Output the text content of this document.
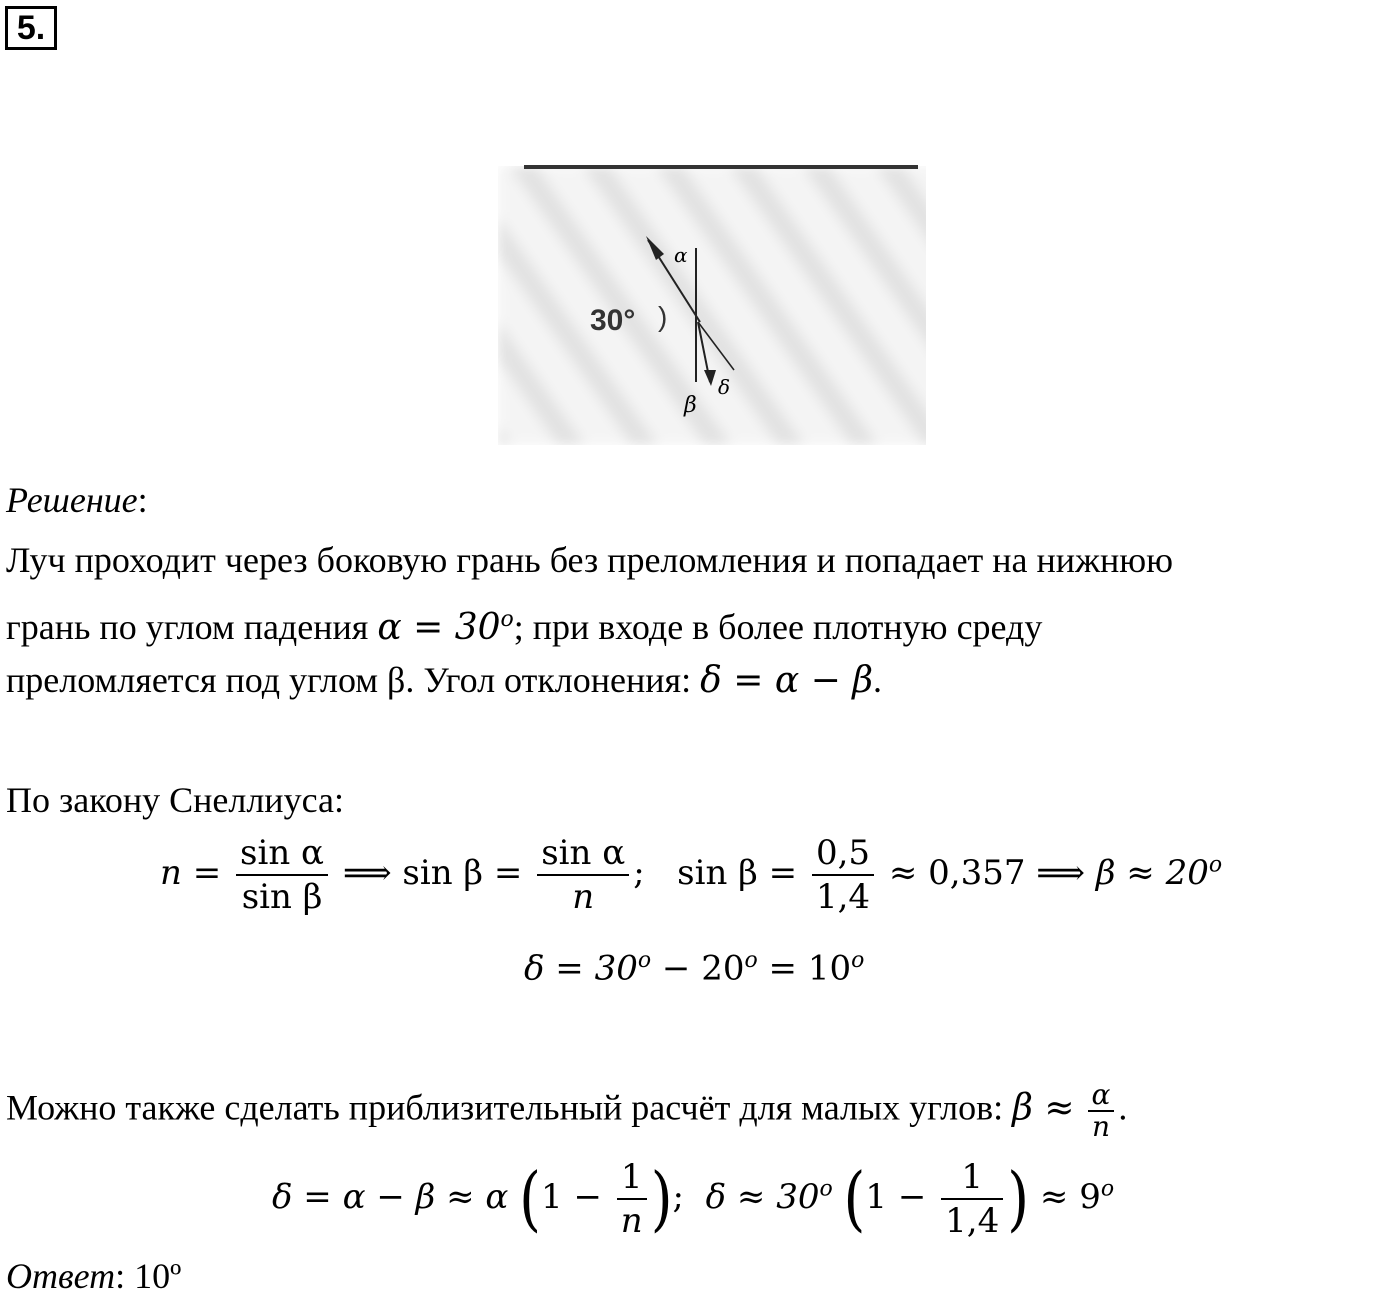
5.
α
30° )
β
δ
Решение:
Луч проходит через боковую грань без преломления и попадает на нижнюю
грань по углом падения $\alpha = 30^o$; при входе в более плотную среду
преломляется под углом β. Угол отклонения: δ = α − β.
По закону Снеллиуса:
$n = \frac{\text{sin α}}{\text{sin β}}$ ⟹ $\sin \beta = \frac{\text{sin α}}{n}$ ; $\sin \beta = \frac{0,5}{1,4} \approx 0,357$ ⟹ $\beta \approx 20^o$
$\delta = 30^o - 20^o = 10^o$
Можно также сделать приблизительный расчёт для малых углов: $\beta \approx \frac{\alpha}{n}$ .
δ = α − β ≈ α ($1 - \frac{1}{n}$ ); $\delta \approx 30^o$ ($1 - \frac{1}{1,4}$ ) ≈ $9^o$
Ответ: 10º
